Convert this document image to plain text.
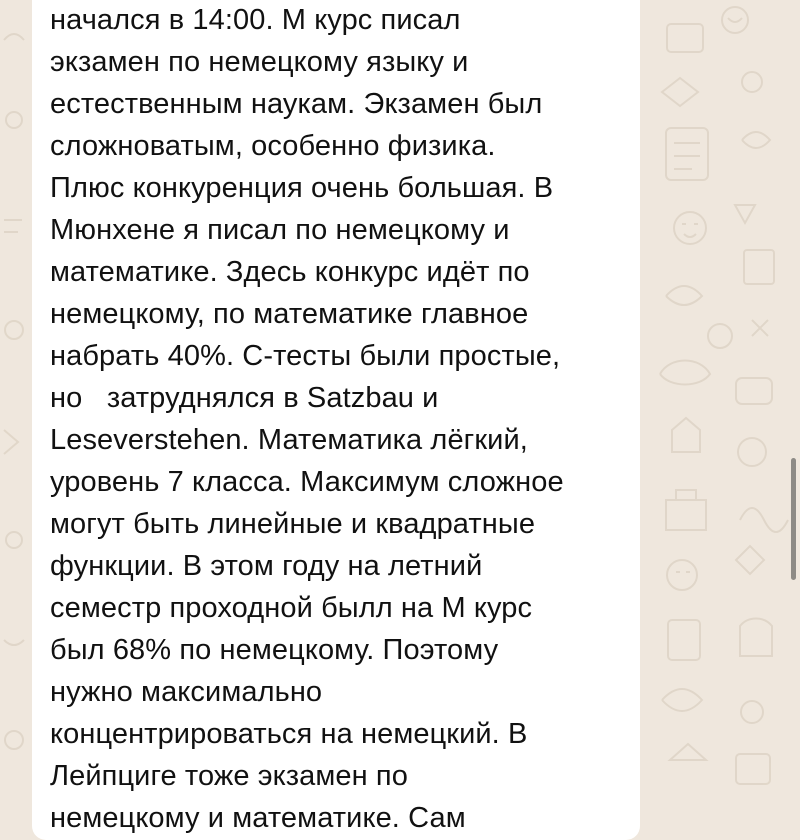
начался в 14:00. М курс писал
экзамен по немецкому языку и
естественным наукам. Экзамен был
сложноватым, особенно физика.
Плюс конкуренция очень большая. В
Мюнхене я писал по немецкому и
математике. Здесь конкурс идёт по
немецкому, по математике главное
набрать 40%. С-тесты были простые,
но   затруднялся в Satzbau и
Leseverstehen. Математика лёгкий,
уровень 7 класса. Максимум сложное
могут быть линейные и квадратные
функции. В этом году на летний
семестр проходной былл на М курс
был 68% по немецкому. Поэтому
нужно максимально
концентрироваться на немецкий. В
Лейпциге тоже экзамен по
немецкому и математике. Сам
